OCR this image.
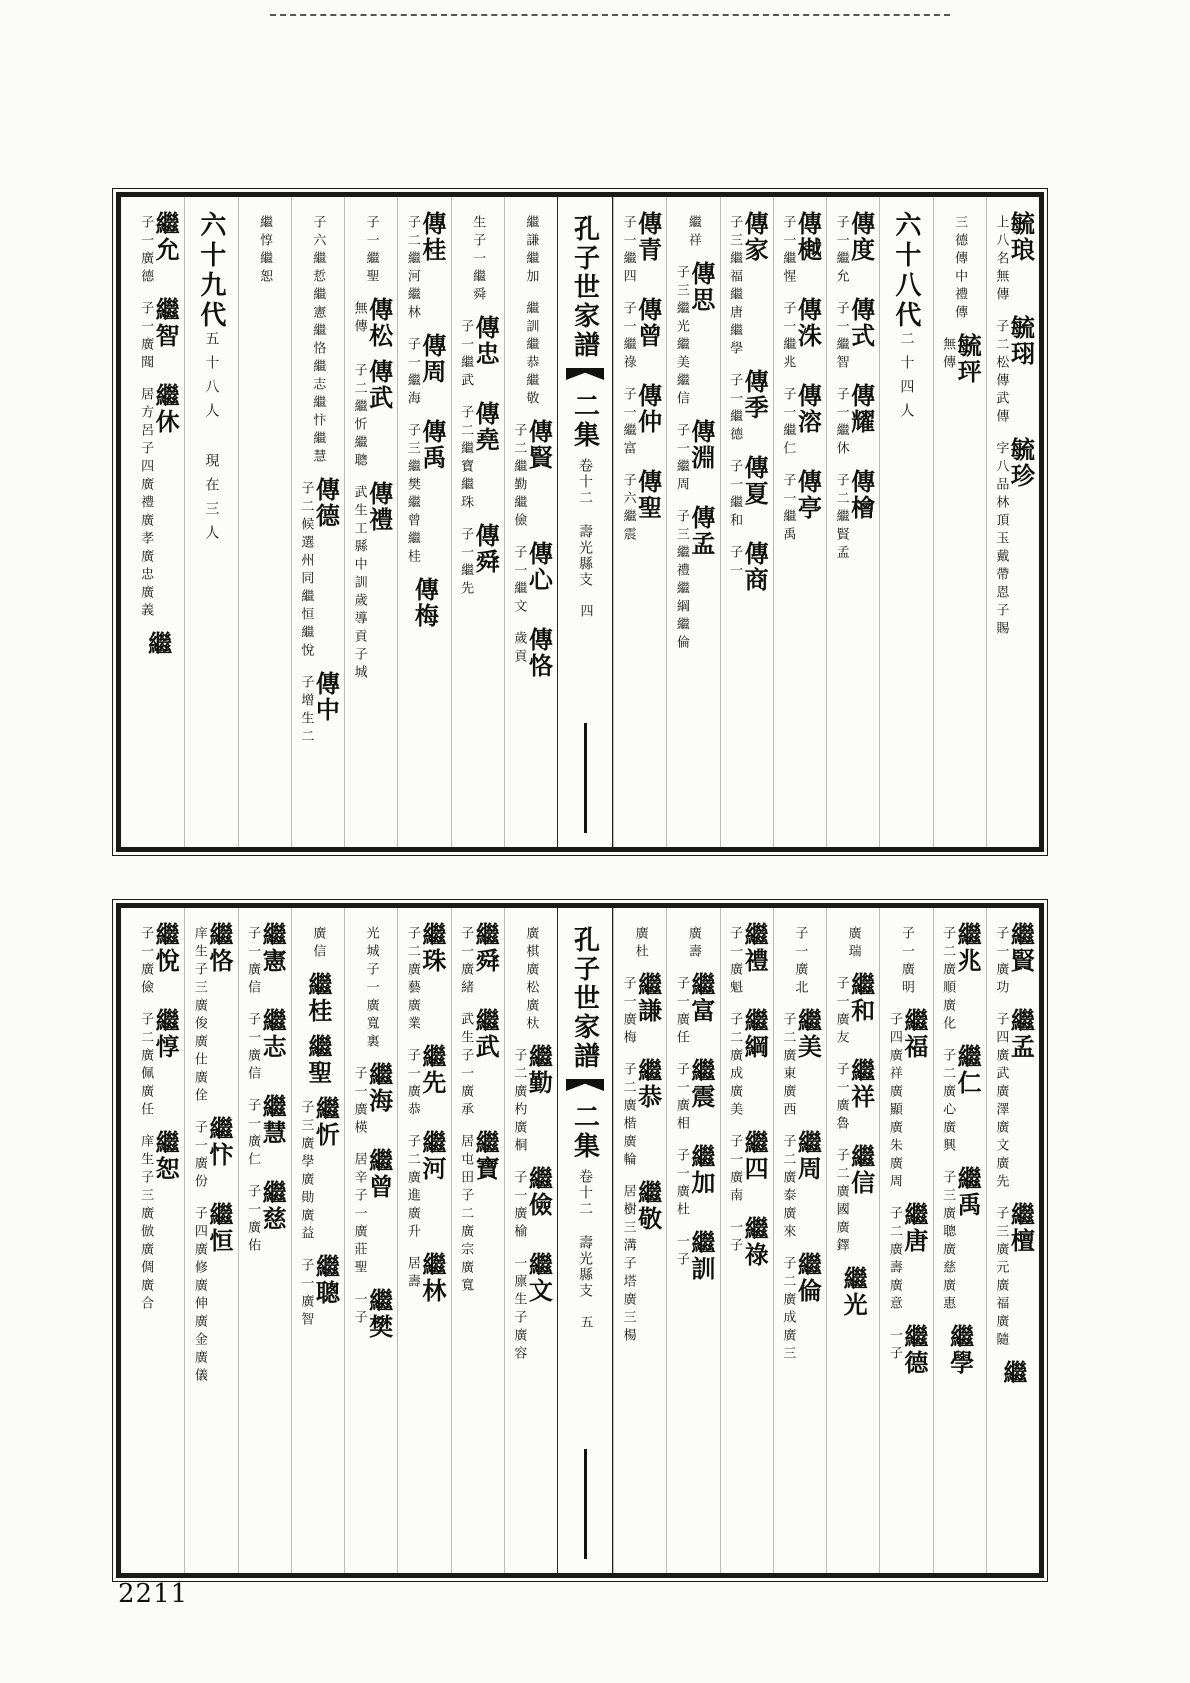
毓琅
上八名無傳
毓珝
子二松傳武傳
毓珍
字八品林頂玉戴帶恩子賜
三德傳中禮傳
毓玶
無傳
六十八代
二十四人
傳度
子一繼允
傳式
子一繼智
傳耀
子一繼休
傳檜
子二繼賢孟
傳樾
子一繼惺
傳洙
子一繼兆
傳溶
子一繼仁
傳亭
子一繼禹
傳家
子三繼福繼唐繼學
傳季
子一繼德
傳夏
子一繼和
傳商
子一
繼祥
傳思
子三繼光繼美繼信
傳淵
子一繼周
傳孟
子三繼禮繼綱繼倫
傳青
子一繼四
傳曾
子一繼祿
傳仲
子一繼富
傳聖
子六繼震
孔子世家譜
二集
卷十二 壽光縣支
四
繼謙繼加
繼訓繼恭繼敬
傳賢
子二繼勤繼儉
傳心
子一繼文
傳恪
歲貢
生子一繼舜
傳忠
子一繼武
傳堯
子二繼寶繼珠
傳舜
子一繼先
傳桂
子二繼河繼林
傳周
子一繼海
傳禹
子三繼樊繼曾繼桂
傳梅
子一繼聖
傳松
無傳
傳武
子二繼忻繼聰
傳禮
武生工縣中訓歲導貢子城
子六繼悊繼憲繼恪繼志繼忭繼慧
傳德
子二候選州同繼恒繼悅
傳中
子增生二
繼惇繼恕
六十九代
五十八人 現在三人
繼允
子一廣德
繼智
子一廣聞
繼休
居方呂子四廣禮廣孝廣忠廣義
繼
繼賢
子一廣功
繼孟
子四廣武廣澤廣文廣先
繼檀
子三廣元廣福廣隨
繼
繼兆
子二廣順廣化
繼仁
子二廣心廣興
繼禹
子三廣聰廣慈廣惠
繼學
子一廣明
繼福
子四廣祥廣顯廣朱廣周
繼唐
子二廣壽廣意
繼德
一子
廣瑞
繼和
子一廣友
繼祥
子一廣魯
繼信
子二廣國廣鐸
繼光
子一廣北
繼美
子二廣東廣西
繼周
子二廣泰廣來
繼倫
子二廣成廣三
繼禮
子一廣魁
繼綱
子二廣成廣美
繼四
子一廣南
繼祿
一子
廣壽
繼富
子一廣任
繼震
子一廣相
繼加
子一廣杜
繼訓
一子
廣杜
繼謙
子一廣梅
繼恭
子二廣楷廣輪
繼敬
居樹三溝子塔廣三楊
孔子世家譜
二集
卷十二 壽光縣支
五
廣棋廣松廣杕
繼勤
子二廣杓廣桐
繼儉
子一廣榆
繼文
一廪生子廣容
繼舜
子一廣緒
繼武
武生子一廣承
繼寶
居屯田子二廣宗廣寬
繼珠
子二廣藝廣業
繼先
子一廣恭
繼河
子二廣進廣升
繼林
居壽
光城子一廣寬裏
繼海
子一廣楧
繼曾
居辛子一廣莊聖
繼樊
一子
廣信
繼桂
繼聖
繼忻
子三廣學廣勛廣益
繼聰
子一廣智
繼憲
子一廣信
繼志
子一廣信
繼慧
子一廣仁
繼慈
子一廣佑
繼恪
庠生子三廣俊廣仕廣佺
繼忭
子一廣份
繼恒
子四廣修廣伸廣金廣儀
繼悅
子一廣儉
繼惇
子二廣佩廣任
繼恕
庠生子三廣倣廣倜廣合
2211
